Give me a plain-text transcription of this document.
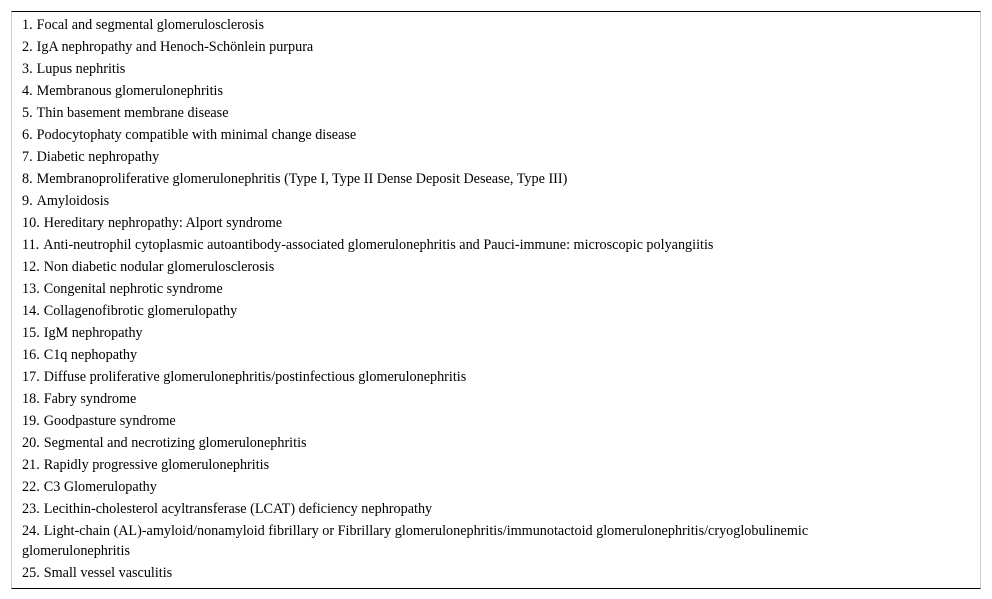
1. Focal and segmental glomerulosclerosis
2. IgA nephropathy and Henoch-Schönlein purpura
3. Lupus nephritis
4. Membranous glomerulonephritis
5. Thin basement membrane disease
6. Podocytophaty compatible with minimal change disease
7. Diabetic nephropathy
8. Membranoproliferative glomerulonephritis (Type I, Type II Dense Deposit Desease, Type III)
9. Amyloidosis
10. Hereditary nephropathy: Alport syndrome
11. Anti-neutrophil cytoplasmic autoantibody-associated glomerulonephritis and Pauci-immune: microscopic polyangiitis
12. Non diabetic nodular glomerulosclerosis
13. Congenital nephrotic syndrome
14. Collagenofibrotic glomerulopathy
15. IgM nephropathy
16. C1q nephopathy
17. Diffuse proliferative glomerulonephritis/postinfectious glomerulonephritis
18. Fabry syndrome
19. Goodpasture syndrome
20. Segmental and necrotizing glomerulonephritis
21. Rapidly progressive glomerulonephritis
22. C3 Glomerulopathy
23. Lecithin-cholesterol acyltransferase (LCAT) deficiency nephropathy
24. Light-chain (AL)-amyloid/nonamyloid fibrillary or Fibrillary glomerulonephritis/immunotactoid glomerulonephritis/cryoglobulinemic glomerulonephritis
25. Small vessel vasculitis
